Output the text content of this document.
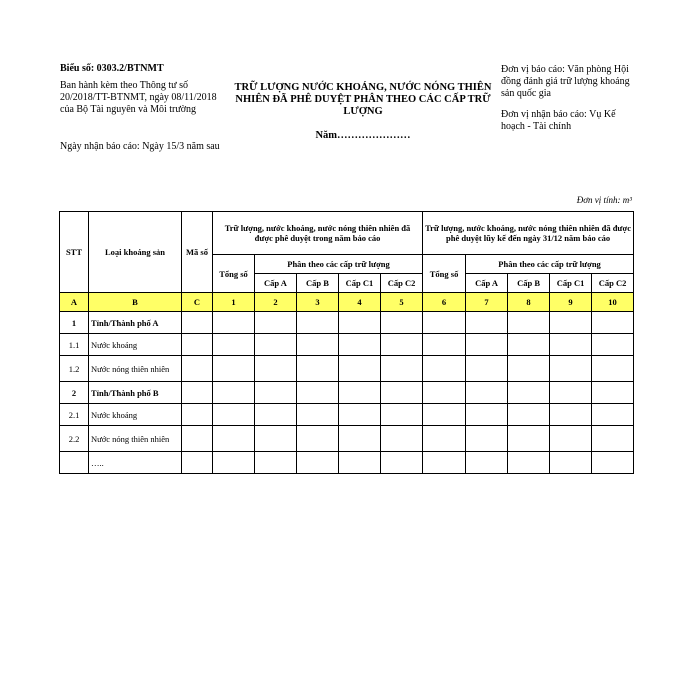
Biểu số: 0303.2/BTNMT
Ban hành kèm theo Thông tư số 20/2018/TT-BTNMT, ngày 08/11/2018 của Bộ Tài nguyên và Môi trường
Ngày nhận báo cáo: Ngày 15/3 năm sau
TRỮ LƯỢNG NƯỚC KHOÁNG, NƯỚC NÓNG THIÊN NHIÊN ĐÃ PHÊ DUYỆT PHÂN THEO CÁC CẤP TRỮ LƯỢNG
Năm…………………
Đơn vị báo cáo: Văn phòng Hội đồng đánh giá trữ lượng khoáng sản quốc gia
Đơn vị nhận báo cáo: Vụ Kế hoạch - Tài chính
Đơn vị tính: m³
STT	Loại khoáng sản	Mã số	Trữ lượng, nước khoáng, nước nóng thiên nhiên đã được phê duyệt trong năm báo cáo					Trữ lượng, nước khoáng, nước nóng thiên nhiên đã được phê duyệt lũy kế đến ngày 31/12 năm báo cáo				
			Tổng số	Phân theo các cấp trữ lượng				Tổng số	Phân theo các cấp trữ lượng			
				Cấp A	Cấp B	Cấp C1	Cấp C2		Cấp A	Cấp B	Cấp C1	Cấp C2
A	B	C	1	2	3	4	5	6	7	8	9	10
1	Tỉnh/Thành phố A											
1.1	Nước khoáng											
1.2	Nước nóng thiên nhiên											
2	Tỉnh/Thành phố B											
2.1	Nước khoáng											
2.2	Nước nóng thiên nhiên											
	…..											
